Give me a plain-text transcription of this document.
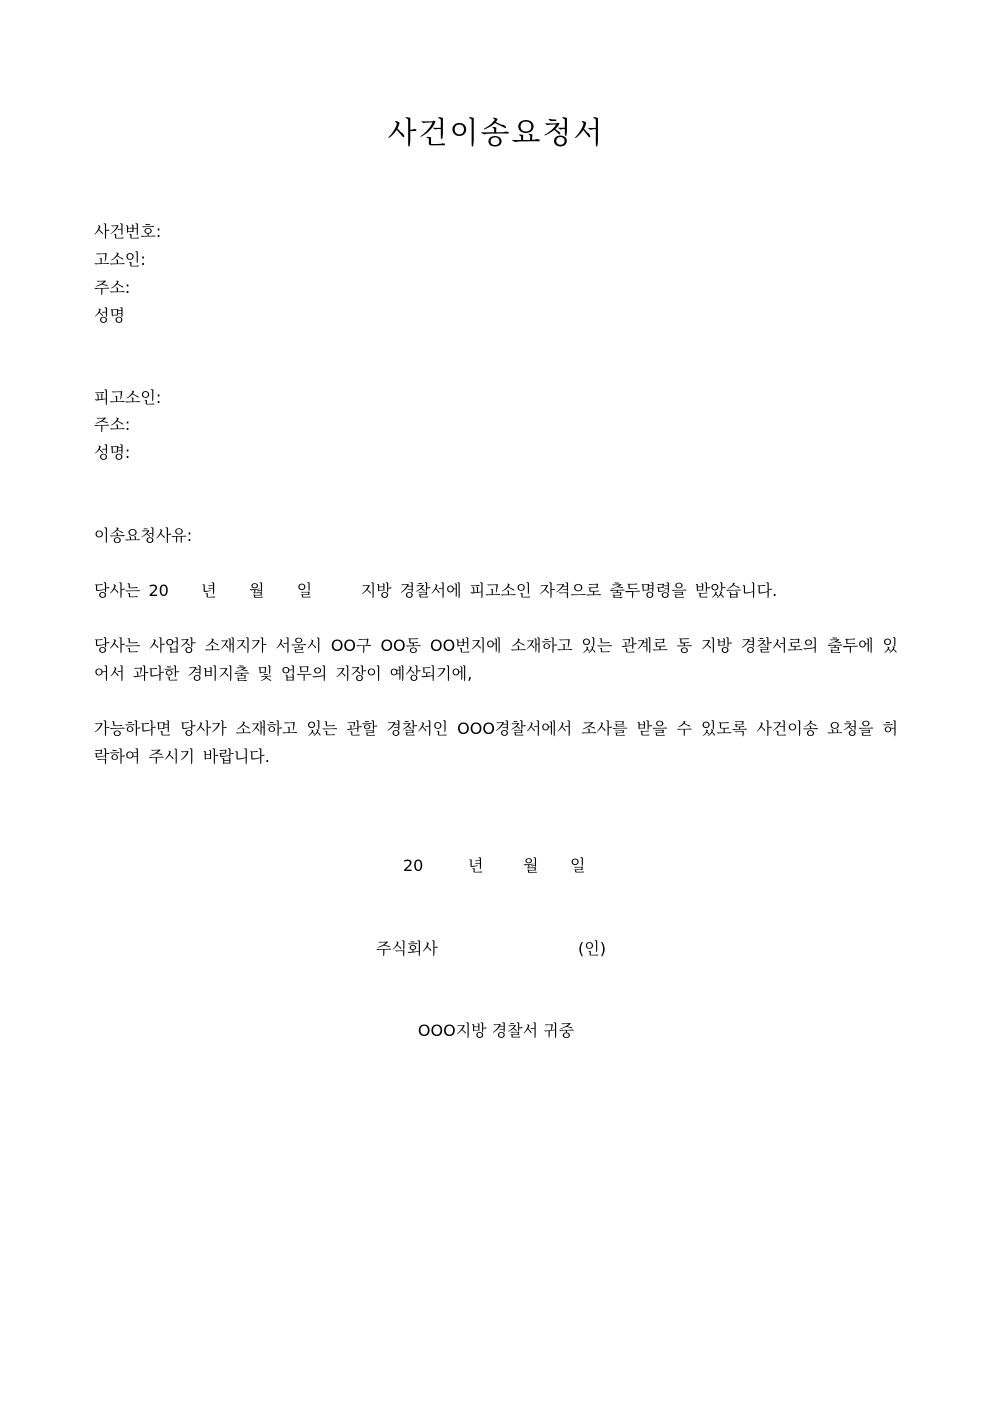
사건이송요청서
사건번호:
고소인:
주소:
성명
피고소인:
주소:
성명:
이송요청사유:
당사는 20    년    월    일      지방 경찰서에 피고소인 자격으로 출두명령을 받았습니다.
당사는 사업장 소재지가 서울시 OO구 OO동 OO번지에 소재하고 있는 관계로 동 지방 경찰서로의 출두에 있어서 과다한 경비지출 및 업무의 지장이 예상되기에,
가능하다면 당사가 소재하고 있는 관할 경찰서인 OOO경찰서에서 조사를 받을 수 있도록 사건이송 요청을 허락하여 주시기 바랍니다.
20	년 월 일
주식회사	(인)
OOO지방 경찰서 귀중
